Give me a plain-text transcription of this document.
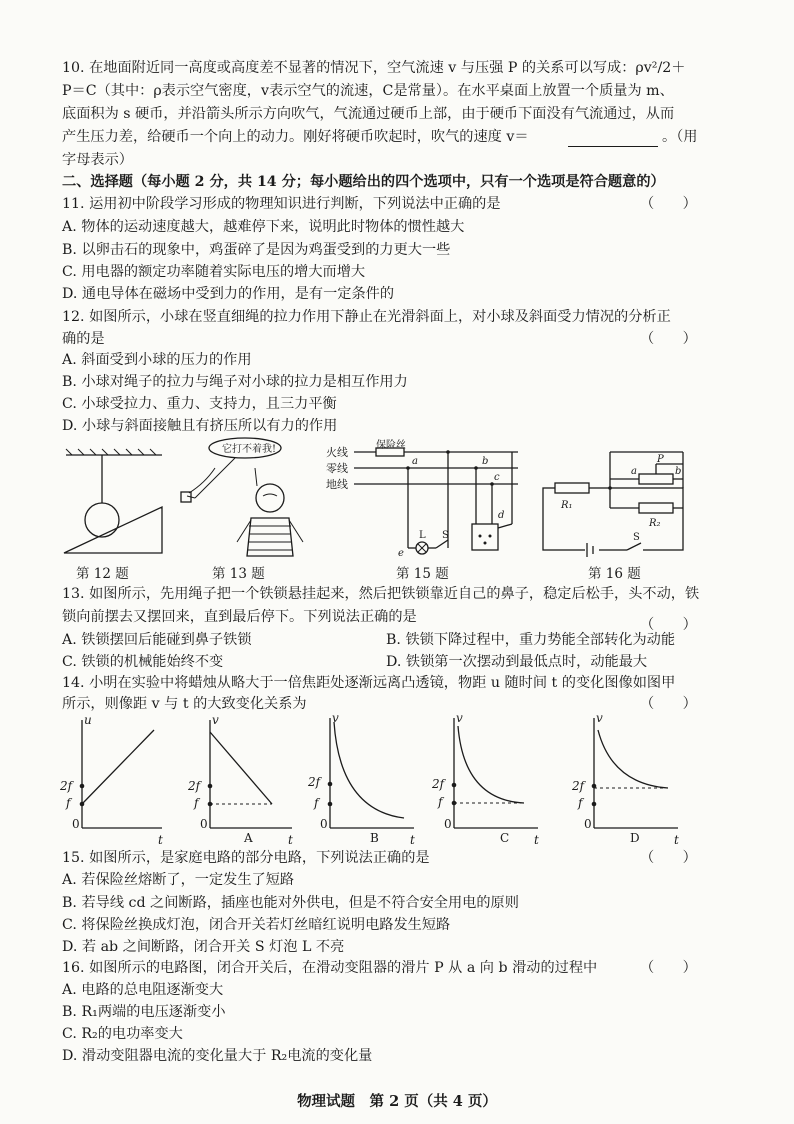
10. 在地面附近同一高度或高度差不显著的情况下，空气流速 v 与压强 P 的关系可以写成：ρv²/2＋
P＝C（其中：ρ表示空气密度，v表示空气的流速，C是常量）。在水平桌面上放置一个质量为 m、
底面积为 s 硬币，并沿箭头所示方向吹气，气流通过硬币上部，由于硬币下面没有气流通过，从而
产生压力差，给硬币一个向上的动力。刚好将硬币吹起时，吹气的速度 v＝	。（用
字母表示）
二、选择题（每小题 2 分，共 14 分；每小题给出的四个选项中，只有一个选项是符合题意的）
11. 运用初中阶段学习形成的物理知识进行判断，下列说法中正确的是	（　　）
A. 物体的运动速度越大，越难停下来，说明此时物体的惯性越大
B. 以卵击石的现象中，鸡蛋碎了是因为鸡蛋受到的力更大一些
C. 用电器的额定功率随着实际电压的增大而增大
D. 通电导体在磁场中受到力的作用，是有一定条件的
12. 如图所示，小球在竖直细绳的拉力作用下静止在光滑斜面上，对小球及斜面受力情况的分析正
确的是	（　　）
A. 斜面受到小球的压力的作用
B. 小球对绳子的拉力与绳子对小球的拉力是相互作用力
C. 小球受拉力、重力、支持力，且三力平衡
D. 小球与斜面接触且有挤压所以有力的作用
第 12 题
它打不着我!
第 13 题
火线
零线
地线
保险丝
a	b
c
d
L
e
S
第 15 题
R₁
a	b
P
R₂
S
第 16 题
13. 如图所示，先用绳子把一个铁锁悬挂起来，然后把铁锁靠近自己的鼻子，稳定后松手，头不动，铁
锁向前摆去又摆回来，直到最后停下。下列说法正确的是	（　　）
A. 铁锁摆回后能碰到鼻子铁锁	B. 铁锁下降过程中，重力势能全部转化为动能
C. 铁锁的机械能始终不变	D. 铁锁第一次摆动到最低点时，动能最大
14. 小明在实验中将蜡烛从略大于一倍焦距处逐渐远离凸透镜，物距 u 随时间 t 的变化图像如图甲
所示，则像距 v 与 t 的大致变化关系为	（　　）
t
u
2f
f
0
t
v
2f
f
0
A	t
v
2f
f
0
B	t
v
2f
f
0
C	t
v
2f
f
0
D
15. 如图所示，是家庭电路的部分电路，下列说法正确的是	（　　）
A. 若保险丝熔断了，一定发生了短路
B. 若导线 cd 之间断路，插座也能对外供电，但是不符合安全用电的原则
C. 将保险丝换成灯泡，闭合开关若灯丝暗红说明电路发生短路
D. 若 ab 之间断路，闭合开关 S 灯泡 L 不亮
16. 如图所示的电路图，闭合开关后，在滑动变阻器的滑片 P 从 a 向 b 滑动的过程中	（　　）
A. 电路的总电阻逐渐变大
B. R₁两端的电压逐渐变小
C. R₂的电功率变大
D. 滑动变阻器电流的变化量大于 R₂电流的变化量
物理试题　第 2 页（共 4 页）
